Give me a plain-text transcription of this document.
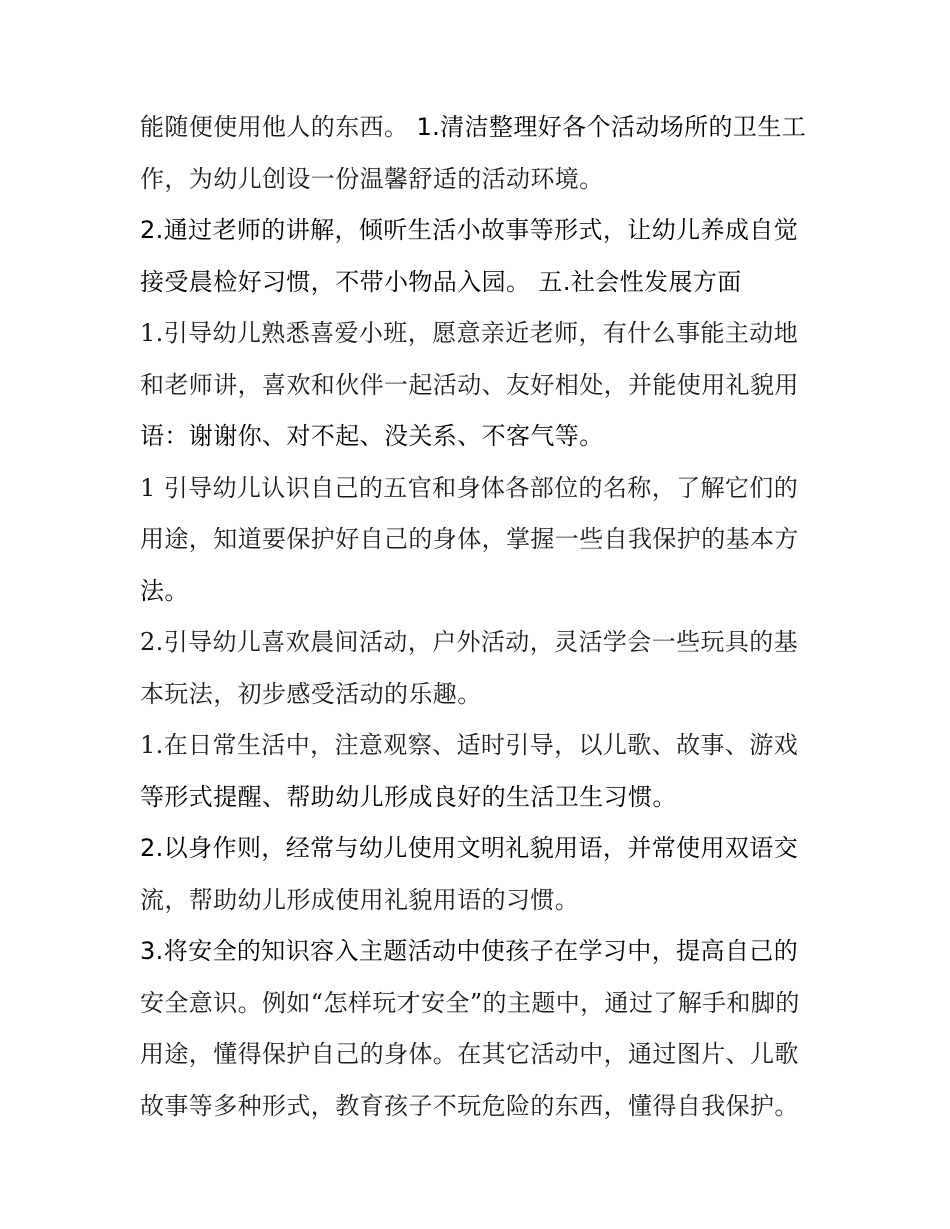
能随便使用他人的东西。 1.清洁整理好各个活动场所的卫生工
作，为幼儿创设一份温馨舒适的活动环境。
2.通过老师的讲解，倾听生活小故事等形式，让幼儿养成自觉
接受晨检好习惯，不带小物品入园。 五.社会性发展方面
1.引导幼儿熟悉喜爱小班，愿意亲近老师，有什么事能主动地
和老师讲，喜欢和伙伴一起活动、友好相处，并能使用礼貌用
语：谢谢你、对不起、没关系、不客气等。
1 引导幼儿认识自己的五官和身体各部位的名称，了解它们的
用途，知道要保护好自己的身体，掌握一些自我保护的基本方
法。
2.引导幼儿喜欢晨间活动，户外活动，灵活学会一些玩具的基
本玩法，初步感受活动的乐趣。
1.在日常生活中，注意观察、适时引导，以儿歌、故事、游戏
等形式提醒、帮助幼儿形成良好的生活卫生习惯。
2.以身作则，经常与幼儿使用文明礼貌用语，并常使用双语交
流，帮助幼儿形成使用礼貌用语的习惯。
3.将安全的知识容入主题活动中使孩子在学习中，提高自己的
安全意识。例如“怎样玩才安全”的主题中，通过了解手和脚的
用途，懂得保护自己的身体。在其它活动中，通过图片、儿歌
故事等多种形式，教育孩子不玩危险的东西，懂得自我保护。
